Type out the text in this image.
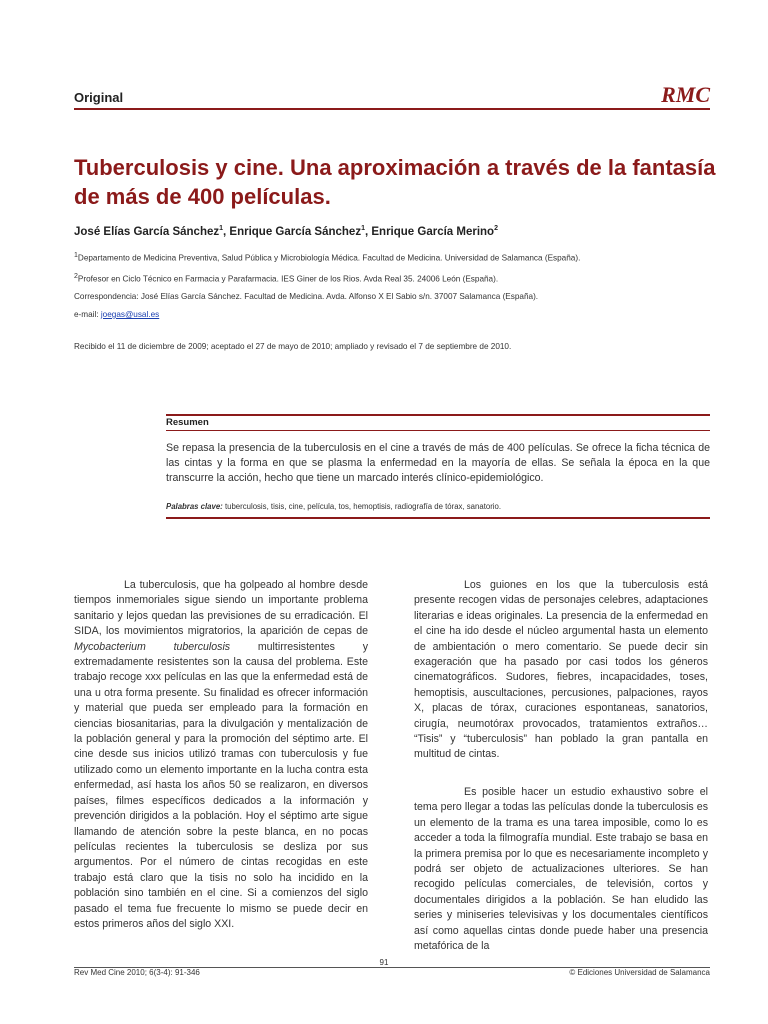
Original	RMC
Tuberculosis y cine. Una aproximación a través de la fantasía de más de 400 películas.
José Elías García Sánchez$^1$, Enrique García Sánchez$^1$, Enrique García Merino$^2$
$^1$Departamento de Medicina Preventiva, Salud Pública y Microbiología Médica. Facultad de Medicina. Universidad de Salamanca (España).
$^2$Profesor en Ciclo Técnico en Farmacia y Parafarmacia. IES Giner de los Rios. Avda Real 35. 24006 León (España).
Correspondencia: José Elías García Sánchez. Facultad de Medicina. Avda. Alfonso X El Sabio s/n. 37007 Salamanca (España).
e-mail: joegas@usal.es
Recibido el 11 de diciembre de 2009; aceptado el 27 de mayo de 2010; ampliado y revisado el 7 de septiembre de 2010.
Resumen
Se repasa la presencia de la tuberculosis en el cine a través de más de 400 películas. Se ofrece la ficha técnica de las cintas y la forma en que se plasma la enfermedad en la mayoría de ellas. Se señala la época en la que transcurre la acción, hecho que tiene un marcado interés clínico-epidemiológico.
Palabras clave: tuberculosis, tisis, cine, película, tos, hemoptisis, radiografía de tórax, sanatorio.

La tuberculosis, que ha golpeado al hombre desde tiempos inmemoriales sigue siendo un importante problema sanitario y lejos quedan las previsiones de su erradicación. El SIDA, los movimientos migratorios, la aparición de cepas de Mycobacterium tuberculosis multirresistentes y extremadamente resistentes son la causa del problema. Este trabajo recoge xxx películas en las que la enfermedad está de una u otra forma presente. Su finalidad es ofrecer información y material que pueda ser empleado para la formación en ciencias biosanitarias, para la divulgación y mentalización de la población general y para la promoción del séptimo arte. El cine desde sus inicios utilizó tramas con tuberculosis y fue utilizado como un elemento importante en la lucha contra esta enfermedad, así hasta los años 50 se realizaron, en diversos países, filmes específicos dedicados a la información y prevención dirigidos a la población. Hoy el séptimo arte sigue llamando de atención sobre la peste blanca, en no pocas películas recientes la tuberculosis se desliza por sus argumentos. Por el número de cintas recogidas en este trabajo está claro que la tisis no solo ha incidido en la población sino también en el cine. Si a comienzos del siglo pasado el tema fue frecuente lo mismo se puede decir en estos primeros años del siglo XXI.

Los guiones en los que la tuberculosis está presente recogen vidas de personajes celebres, adaptaciones literarias e ideas originales. La presencia de la enfermedad en el cine ha ido desde el núcleo argumental hasta un elemento de ambientación o mero comentario. Se puede decir sin exageración que ha pasado por casi todos los géneros cinematográficos. Sudores, fiebres, incapacidades, toses, hemoptisis, auscultaciones, percusiones, palpaciones, rayos X, placas de tórax, curaciones espontaneas, sanatorios, cirugía, neumotórax provocados, tratamientos extraños… “Tisis” y “tuberculosis” han poblado la gran pantalla en multitud de cintas.

Es posible hacer un estudio exhaustivo sobre el tema pero llegar a todas las películas donde la tuberculosis es un elemento de la trama es una tarea imposible, como lo es acceder a toda la filmografía mundial. Este trabajo se basa en la primera premisa por lo que es necesariamente incompleto y podrá ser objeto de actualizaciones ulteriores. Se han recogido películas comerciales, de televisión, cortos y documentales dirigidos a la población. Se han eludido las series y miniseries televisivas y los documentales científicos así como aquellas cintas donde puede haber una presencia metafórica de la

91
Rev Med Cine 2010; 6(3-4): 91-346	© Ediciones Universidad de Salamanca
